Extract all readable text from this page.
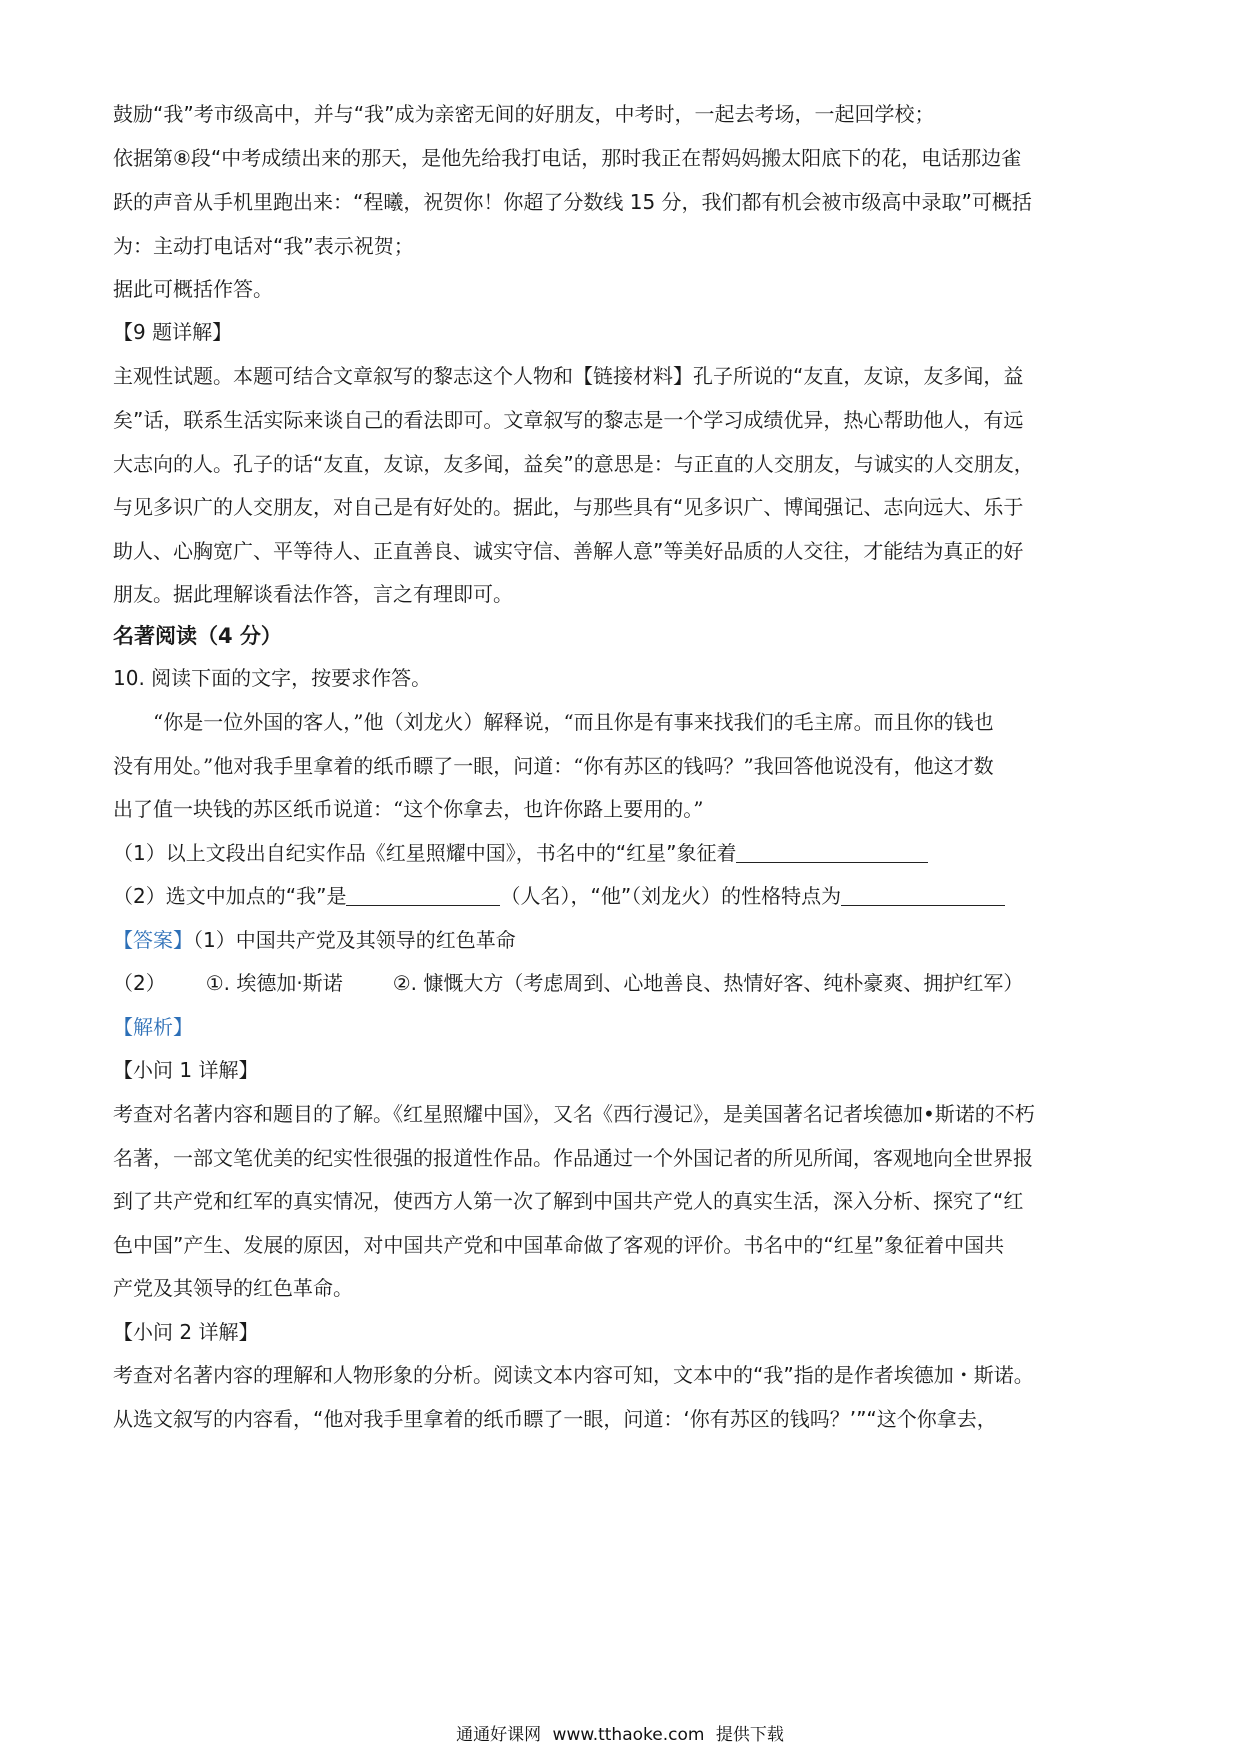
鼓励“我”考市级高中，并与“我”成为亲密无间的好朋友，中考时，一起去考场，一起回学校；
依据第⑧段“中考成绩出来的那天，是他先给我打电话，那时我正在帮妈妈搬太阳底下的花，电话那边雀
跃的声音从手机里跑出来：“程曦，祝贺你！你超了分数线 15 分，我们都有机会被市级高中录取”可概括
为：主动打电话对“我”表示祝贺；
据此可概括作答。
【9 题详解】
主观性试题。本题可结合文章叙写的黎志这个人物和【链接材料】孔子所说的“友直，友谅，友多闻，益
矣”话，联系生活实际来谈自己的看法即可。文章叙写的黎志是一个学习成绩优异，热心帮助他人，有远
大志向的人。孔子的话“友直，友谅，友多闻，益矣”的意思是：与正直的人交朋友，与诚实的人交朋友，
与见多识广的人交朋友，对自己是有好处的。据此，与那些具有“见多识广、博闻强记、志向远大、乐于
助人、心胸宽广、平等待人、正直善良、诚实守信、善解人意”等美好品质的人交往，才能结为真正的好
朋友。据此理解谈看法作答，言之有理即可。
名著阅读（4 分）
10. 阅读下面的文字，按要求作答。
“你是一位外国的客人，”他（刘龙火）解释说，“而且你是有事来找我们的毛主席。而且你的钱也
没有用处。”他对我手里拿着的纸币瞟了一眼，问道：“你有苏区的钱吗？”我回答他说没有，他这才数
出了值一块钱的苏区纸币说道：“这个你拿去，也许你路上要用的。”
（1）以上文段出自纪实作品《红星照耀中国》，书名中的“红星”象征着
（2）选文中加点的“我”是	（人名），“他”（刘龙火）的性格特点为
【答案】（1）中国共产党及其领导的红色革命
（2） ①. 埃德加·斯诺	②. 慷慨大方（考虑周到、心地善良、热情好客、纯朴豪爽、拥护红军）
【解析】
【小问 1 详解】
考查对名著内容和题目的了解。《红星照耀中国》，又名《西行漫记》，是美国著名记者埃德加•斯诺的不朽
名著，一部文笔优美的纪实性很强的报道性作品。作品通过一个外国记者的所见所闻，客观地向全世界报
到了共产党和红军的真实情况，使西方人第一次了解到中国共产党人的真实生活，深入分析、探究了“红
色中国”产生、发展的原因，对中国共产党和中国革命做了客观的评价。书名中的“红星”象征着中国共
产党及其领导的红色革命。
【小问 2 详解】
考查对名著内容的理解和人物形象的分析。阅读文本内容可知，文本中的“我”指的是作者埃德加・斯诺。
从选文叙写的内容看，“他对我手里拿着的纸币瞟了一眼，问道：‘你有苏区的钱吗？’”“这个你拿去，
通通好课网 www.tthaoke.com 提供下载
